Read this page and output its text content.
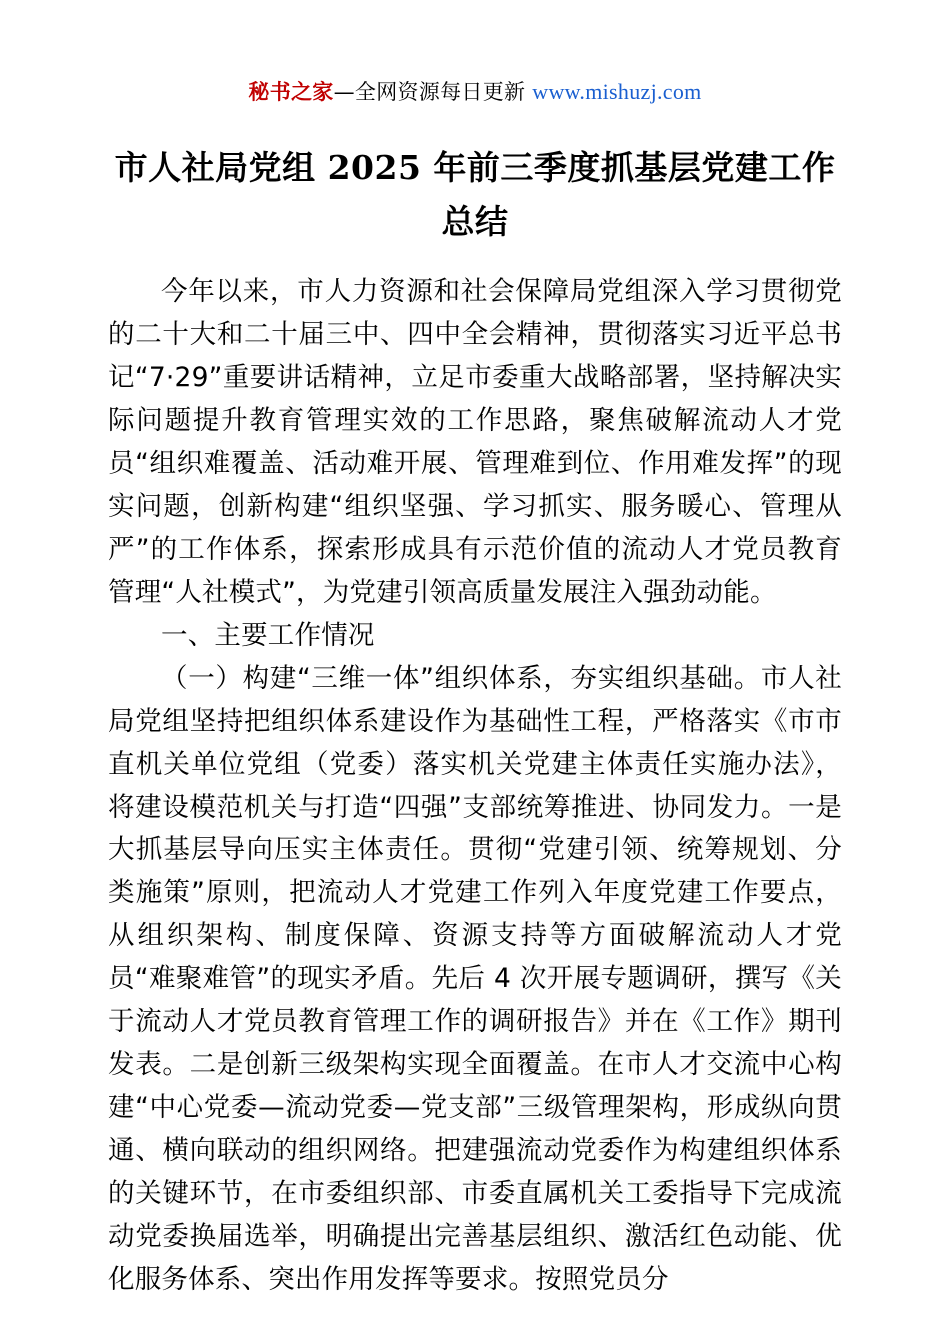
秘书之家—全网资源每日更新 www.mishuzj.com
市人社局党组 2025 年前三季度抓基层党建工作总结

今年以来，市人力资源和社会保障局党组深入学习贯彻党的二十大和二十届三中、四中全会精神，贯彻落实习近平总书记“7·29”重要讲话精神，立足市委重大战略部署，坚持解决实际问题提升教育管理实效的工作思路，聚焦破解流动人才党员“组织难覆盖、活动难开展、管理难到位、作用难发挥”的现实问题，创新构建“组织坚强、学习抓实、服务暖心、管理从严”的工作体系，探索形成具有示范价值的流动人才党员教育管理“人社模式”，为党建引领高质量发展注入强劲动能。

一、主要工作情况

（一）构建“三维一体”组织体系，夯实组织基础。市人社局党组坚持把组织体系建设作为基础性工程，严格落实《市市直机关单位党组（党委）落实机关党建主体责任实施办法》，将建设模范机关与打造“四强”支部统筹推进、协同发力。一是大抓基层导向压实主体责任。贯彻“党建引领、统筹规划、分类施策”原则，把流动人才党建工作列入年度党建工作要点，从组织架构、制度保障、资源支持等方面破解流动人才党员“难聚难管”的现实矛盾。先后 4 次开展专题调研，撰写《关于流动人才党员教育管理工作的调研报告》并在《工作》期刊发表。二是创新三级架构实现全面覆盖。在市人才交流中心构建“中心党委—流动党委—党支部”三级管理架构，形成纵向贯通、横向联动的组织网络。把建强流动党委作为构建组织体系的关键环节，在市委组织部、市委直属机关工委指导下完成流动党委换届选举，明确提出完善基层组织、激活红色动能、优化服务体系、突出作用发挥等要求。按照党员分
